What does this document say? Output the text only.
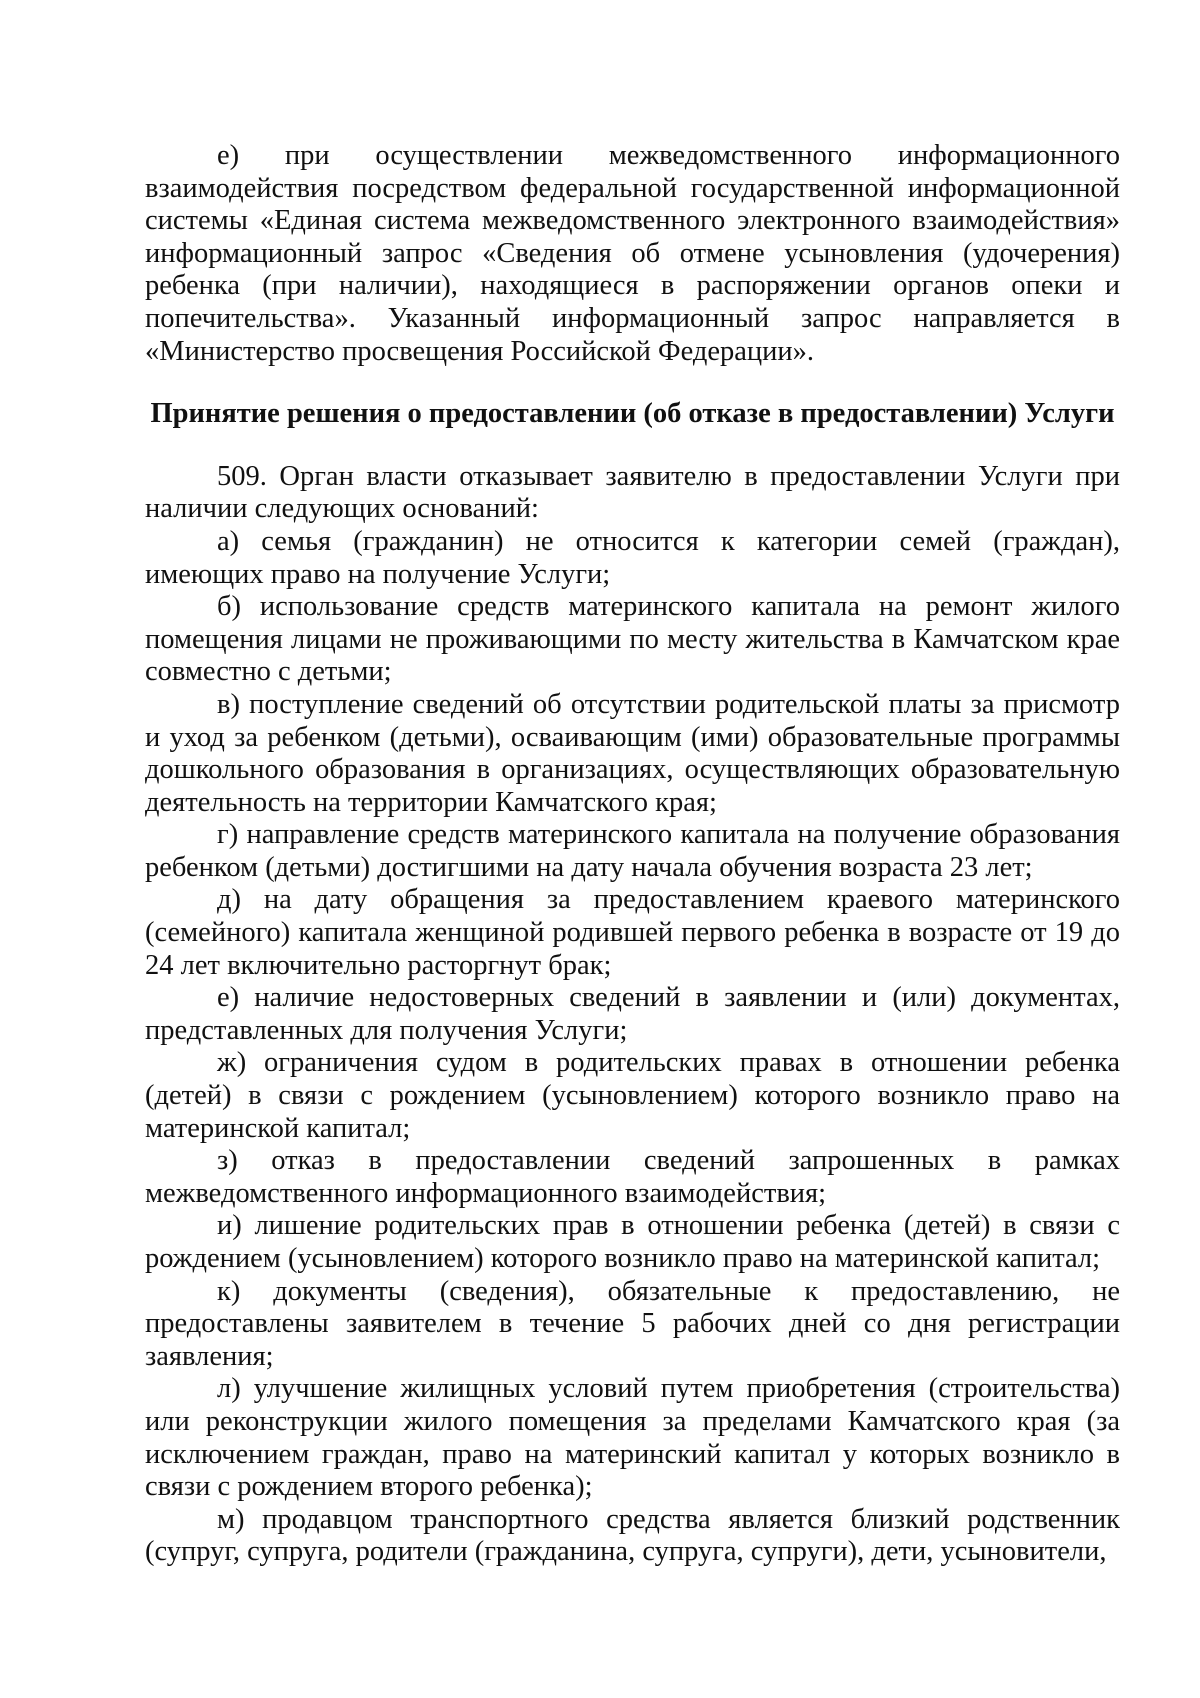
е) при осуществлении межведомственного информационного взаимодействия посредством федеральной государственной информационной системы «Единая система межведомственного электронного взаимодействия» информационный запрос «Сведения об отмене усыновления (удочерения) ребенка (при наличии), находящиеся в распоряжении органов опеки и попечительства». Указанный информационный запрос направляется в «Министерство просвещения Российской Федерации».

Принятие решения о предоставлении (об отказе в предоставлении) Услуги

509. Орган власти отказывает заявителю в предоставлении Услуги при наличии следующих оснований:

а) семья (гражданин) не относится к категории семей (граждан), имеющих право на получение Услуги;

б) использование средств материнского капитала на ремонт жилого помещения лицами не проживающими по месту жительства в Камчатском крае совместно с детьми;

в) поступление сведений об отсутствии родительской платы за присмотр и уход за ребенком (детьми), осваивающим (ими) образовательные программы дошкольного образования в организациях, осуществляющих образовательную деятельность на территории Камчатского края;

г) направление средств материнского капитала на получение образования ребенком (детьми) достигшими на дату начала обучения возраста 23 лет;

д) на дату обращения за предоставлением краевого материнского (семейного) капитала женщиной родившей первого ребенка в возрасте от 19 до 24 лет включительно расторгнут брак;

е) наличие недостоверных сведений в заявлении и (или) документах, представленных для получения Услуги;

ж) ограничения судом в родительских правах в отношении ребенка (детей) в связи с рождением (усыновлением) которого возникло право на материнской капитал;

з) отказ в предоставлении сведений запрошенных в рамках межведомственного информационного взаимодействия;

и) лишение родительских прав в отношении ребенка (детей) в связи с рождением (усыновлением) которого возникло право на материнской капитал;

к) документы (сведения), обязательные к предоставлению, не предоставлены заявителем в течение 5 рабочих дней со дня регистрации заявления;

л) улучшение жилищных условий путем приобретения (строительства) или реконструкции жилого помещения за пределами Камчатского края (за исключением граждан, право на материнский капитал у которых возникло в связи с рождением второго ребенка);

м) продавцом транспортного средства является близкий родственник (супруг, супруга, родители (гражданина, супруга, супруги), дети, усыновители,
